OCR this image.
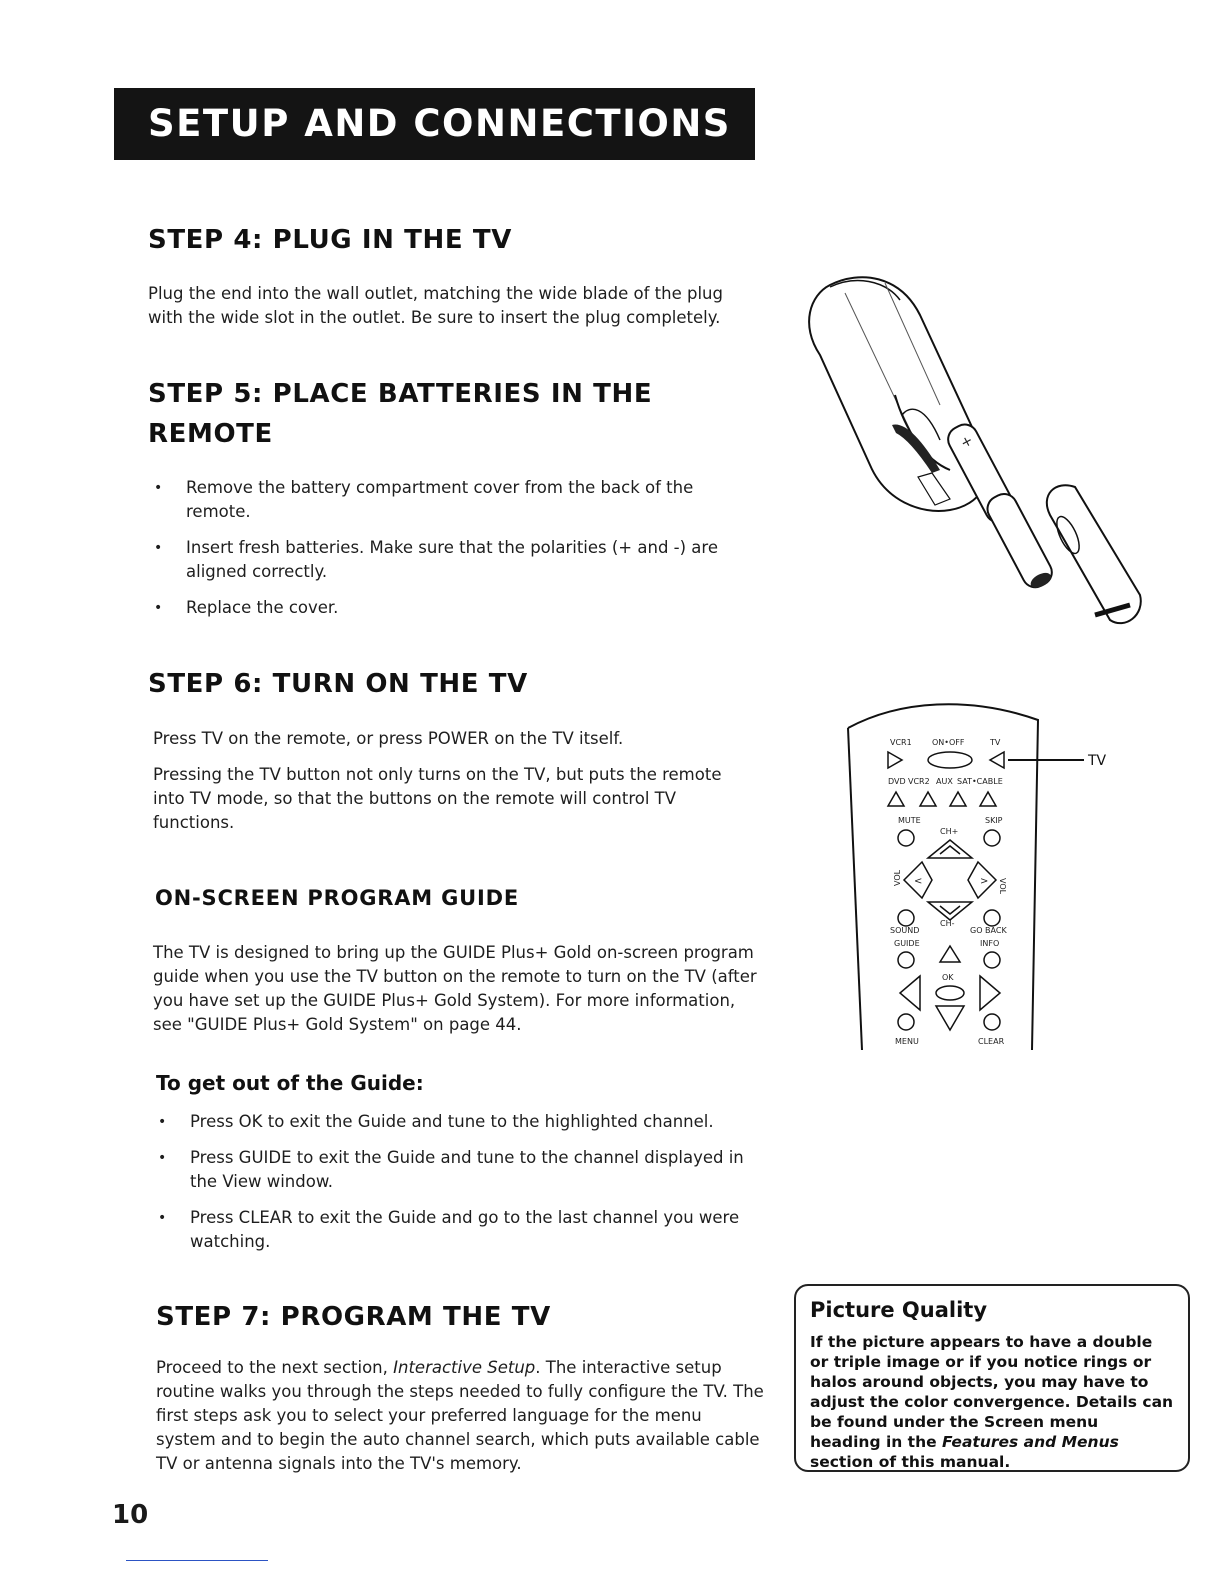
SETUP AND CONNECTIONS
STEP 4: PLUG IN THE TV
Plug the end into the wall outlet, matching the wide blade of the plug with the wide slot in the outlet. Be sure to insert the plug completely.
STEP 5: PLACE BATTERIES IN THE REMOTE
• Remove the battery compartment cover from the back of the remote.
• Insert fresh batteries. Make sure that the polarities (+ and -) are aligned correctly.
• Replace the cover.
+
STEP 6: TURN ON THE TV
Press TV on the remote, or press POWER on the TV itself.
Pressing the TV button not only turns on the TV, but puts the remote into TV mode, so that the buttons on the remote will control TV functions.
VCR1	ON•OFF	TV
TV
DVD VCR2 AUX SAT•CABLE
MUTE	SKIP
CH+
<	>
VOL
VOL
CH-
SOUND	GO BACK
GUIDE	INFO
OK
MENU	CLEAR
ON-SCREEN PROGRAM GUIDE
The TV is designed to bring up the GUIDE Plus+ Gold on-screen program guide when you use the TV button on the remote to turn on the TV (after you have set up the GUIDE Plus+ Gold System). For more information, see "GUIDE Plus+ Gold System" on page 44.
To get out of the Guide:
• Press OK to exit the Guide and tune to the highlighted channel.
• Press GUIDE to exit the Guide and tune to the channel displayed in the View window.
• Press CLEAR to exit the Guide and go to the last channel you were watching.
STEP 7: PROGRAM THE TV
Proceed to the next section, Interactive Setup. The interactive setup routine walks you through the steps needed to fully configure the TV. The first steps ask you to select your preferred language for the menu system and to begin the auto channel search, which puts available cable TV or antenna signals into the TV's memory.
Picture Quality
If the picture appears to have a double or triple image or if you notice rings or halos around objects, you may have to adjust the color convergence. Details can be found under the Screen menu heading in the Features and Menus section of this manual.
10
